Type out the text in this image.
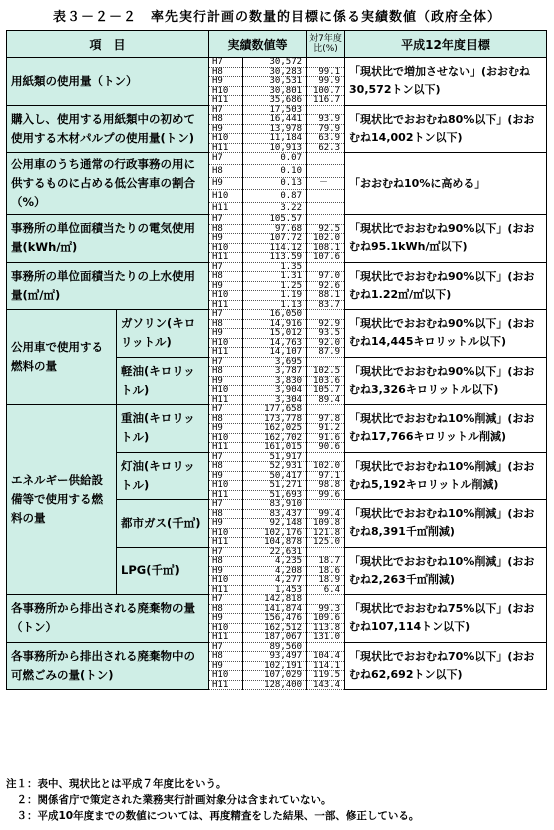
表３－２－２　率先実行計画の数量的目標に係る実績数値（政府全体）
項　目		実績数値等		対7年度比(%)	平成12年度目標
用紙類の使用量（トン）		H7	30,572		「現状比で増加させない」(おおむね30,572トン以下)
		H8	30,283	99.1	
		H9	30,531	99.9	
		H10	30,801	100.7	
		H11	35,686	116.7	
購入し、使用する用紙類中の初めて使用する木材パルプの使用量(トン)		H7	17,503		「現状比でおおむね80%以下」(おおむね14,002トン以下)
		H8	16,441	93.9	
		H9	13,978	79.9	
		H10	11,184	63.9	
		H11	10,913	62.3	
公用車のうち通常の行政事務の用に供するものに占める低公害車の割合（%）		H7	0.07		「おおむね10%に高める」
		H8	0.10		
		H9	0.13	－	
		H10	0.87		
		H11	3.22		
事務所の単位面積当たりの電気使用量(kWh/㎡)		H7	105.57		「現状比でおおむね90%以下」(おおむね95.1kWh/㎡以下)
		H8	97.68	92.5	
		H9	107.72	102.0	
		H10	114.12	108.1	
		H11	113.59	107.6	
事務所の単位面積当たりの上水使用量(㎥/㎡)		H7	1.35		「現状比でおおむね90%以下」(おおむね1.22㎥/㎡以下)
		H8	1.31	97.0	
		H9	1.25	92.6	
		H10	1.19	88.1	
		H11	1.13	83.7	
公用車で使用する燃料の量	ガソリン(キロリットル)	H7	16,050		「現状比でおおむね90%以下」(おおむね14,445キロリットル以下)
		H8	14,916	92.9	
		H9	15,012	93.5	
		H10	14,763	92.0	
		H11	14,107	87.9	
	軽油(キロリットル)	H7	3,695		「現状比でおおむね90%以下」(おおむね3,326キロリットル以下)
		H8	3,787	102.5	
		H9	3,830	103.6	
		H10	3,904	105.7	
		H11	3,304	89.4	
エネルギー供給設備等で使用する燃料の量	重油(キロリットル)	H7	177,658		「現状比でおおむね10%削減」(おおむね17,766キロリットル削減)
		H8	173,778	97.8	
		H9	162,025	91.2	
		H10	162,702	91.6	
		H11	161,015	90.6	
	灯油(キロリットル)	H7	51,917		「現状比でおおむね10%削減」(おおむね5,192キロリットル削減)
		H8	52,931	102.0	
		H9	50,417	97.1	
		H10	51,271	98.8	
		H11	51,693	99.6	
	都市ガス(千㎥)	H7	83,910		「現状比でおおむね10%削減」(おおむね8,391千㎥削減)
		H8	83,437	99.4	
		H9	92,148	109.8	
		H10	102,176	121.8	
		H11	104,878	125.0	
	LPG(千㎥)	H7	22,631		「現状比でおおむね10%削減」(おおむね2,263千㎥削減)
		H8	4,235	18.7	
		H9	4,208	18.6	
		H10	4,277	18.9	
		H11	1,453	6.4	
各事務所から排出される廃棄物の量（トン）		H7	142,818		「現状比でおおむね75%以下」(おおむね107,114トン以下)
		H8	141,874	99.3	
		H9	156,476	109.6	
		H10	162,512	113.8	
		H11	187,067	131.0	
各事務所から排出される廃棄物中の可燃ごみの量(トン)		H7	89,560		「現状比でおおむね70%以下」(おおむね62,692トン以下)
		H8	93,497	104.4	
		H9	102,191	114.1	
		H10	107,029	119.5	
		H11	128,400	143.4	
注１：表中、現状比とは平成７年度比をいう。
　２：関係省庁で策定された業務実行計画対象分は含まれていない。
　３：平成10年度までの数値については、再度精査をした結果、一部、修正している。
